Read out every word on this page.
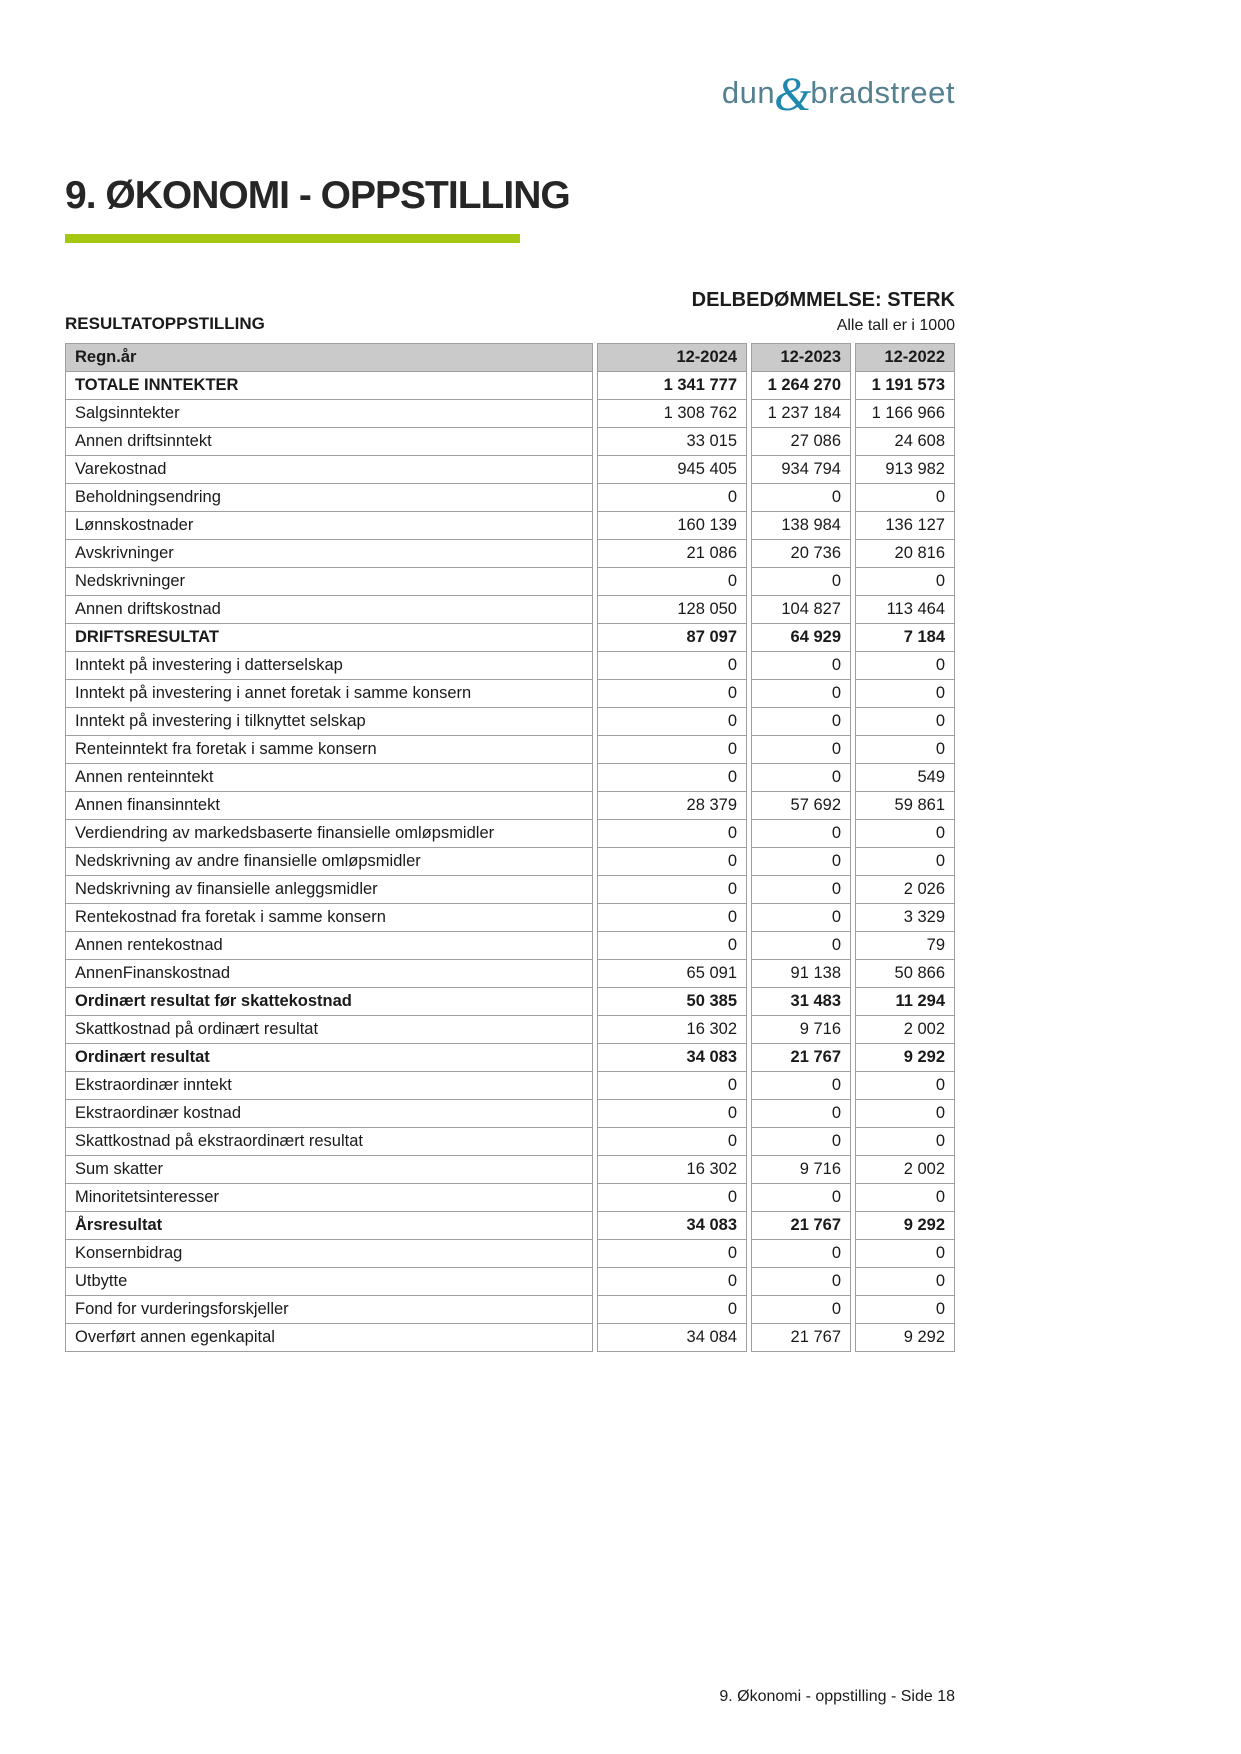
dun&bradstreet
9. ØKONOMI - OPPSTILLING
RESULTATOPPSTILLING
DELBEDØMMELSE: STERK
Alle tall er i 1000
Regn.år	12-2024	12-2023	12-2022
TOTALE INNTEKTER	1 341 777	1 264 270	1 191 573
Salgsinntekter	1 308 762	1 237 184	1 166 966
Annen driftsinntekt	33 015	27 086	24 608
Varekostnad	945 405	934 794	913 982
Beholdningsendring	0	0	0
Lønnskostnader	160 139	138 984	136 127
Avskrivninger	21 086	20 736	20 816
Nedskrivninger	0	0	0
Annen driftskostnad	128 050	104 827	113 464
DRIFTSRESULTAT	87 097	64 929	7 184
Inntekt på investering i datterselskap	0	0	0
Inntekt på investering i annet foretak i samme konsern	0	0	0
Inntekt på investering i tilknyttet selskap	0	0	0
Renteinntekt fra foretak i samme konsern	0	0	0
Annen renteinntekt	0	0	549
Annen finansinntekt	28 379	57 692	59 861
Verdiendring av markedsbaserte finansielle omløpsmidler	0	0	0
Nedskrivning av andre finansielle omløpsmidler	0	0	0
Nedskrivning av finansielle anleggsmidler	0	0	2 026
Rentekostnad fra foretak i samme konsern	0	0	3 329
Annen rentekostnad	0	0	79
AnnenFinanskostnad	65 091	91 138	50 866
Ordinært resultat før skattekostnad	50 385	31 483	11 294
Skattkostnad på ordinært resultat	16 302	9 716	2 002
Ordinært resultat	34 083	21 767	9 292
Ekstraordinær inntekt	0	0	0
Ekstraordinær kostnad	0	0	0
Skattkostnad på ekstraordinært resultat	0	0	0
Sum skatter	16 302	9 716	2 002
Minoritetsinteresser	0	0	0
Årsresultat	34 083	21 767	9 292
Konsernbidrag	0	0	0
Utbytte	0	0	0
Fond for vurderingsforskjeller	0	0	0
Overført annen egenkapital	34 084	21 767	9 292
9. Økonomi - oppstilling - Side 18
